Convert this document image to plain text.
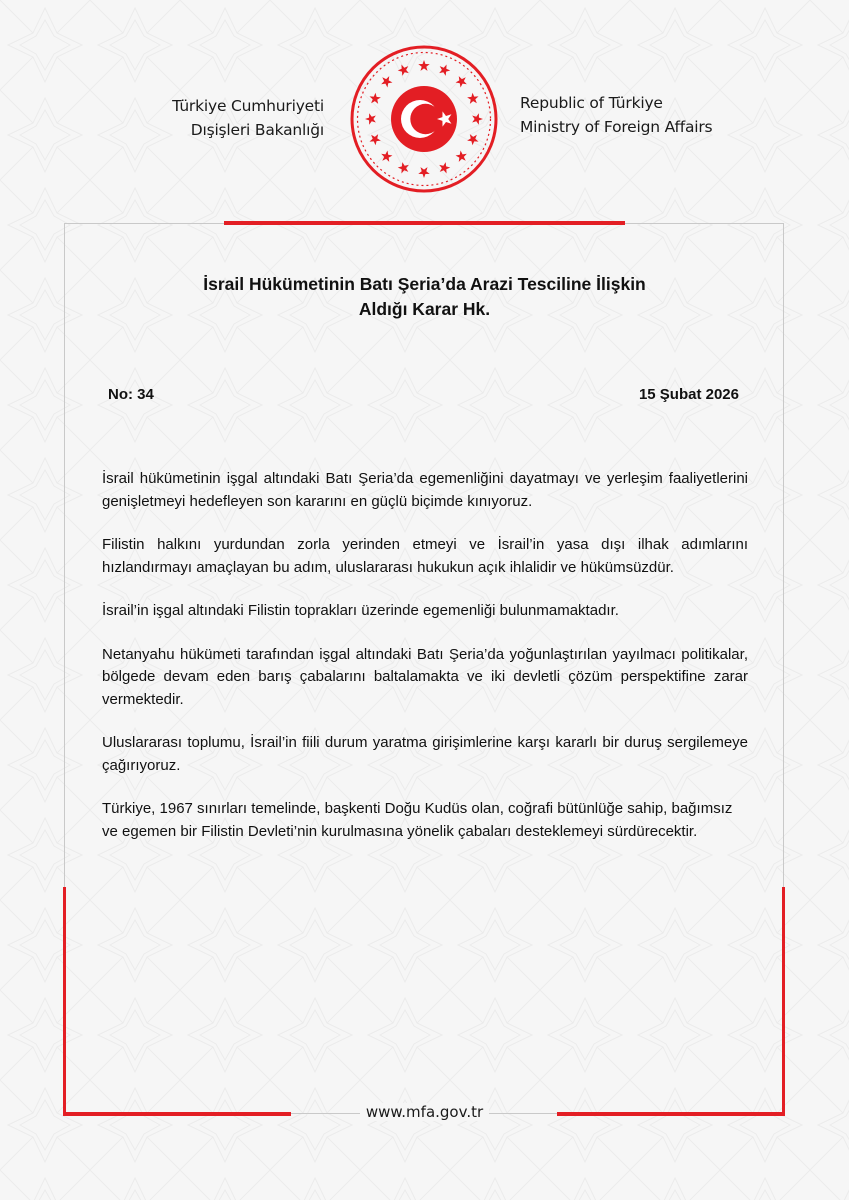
Türkiye Cumhuriyeti
Dışişleri Bakanlığı
Republic of Türkiye
Ministry of Foreign Affairs
İsrail Hükümetinin Batı Şeria’da Arazi Tesciline İlişkin
Aldığı Karar Hk.
No: 34	15 Şubat 2026

İsrail hükümetinin işgal altındaki Batı Şeria’da egemenliğini dayatmayı ve yerleşim faaliyetlerini genişletmeyi hedefleyen son kararını en güçlü biçimde kınıyoruz.

Filistin halkını yurdundan zorla yerinden etmeyi ve İsrail’in yasa dışı ilhak adımlarını hızlandırmayı amaçlayan bu adım, uluslararası hukukun açık ihlalidir ve hükümsüzdür.

İsrail’in işgal altındaki Filistin toprakları üzerinde egemenliği bulunmamaktadır.

Netanyahu hükümeti tarafından işgal altındaki Batı Şeria’da yoğunlaştırılan yayılmacı politikalar, bölgede devam eden barış çabalarını baltalamakta ve iki devletli çözüm perspektifine zarar vermektedir.

Uluslararası toplumu, İsrail’in fiili durum yaratma girişimlerine karşı kararlı bir duruş sergilemeye çağırıyoruz.

Türkiye, 1967 sınırları temelinde, başkenti Doğu Kudüs olan, coğrafi bütünlüğe sahip, bağımsız ve egemen bir Filistin Devleti’nin kurulmasına yönelik çabaları desteklemeyi sürdürecektir.

www.mfa.gov.tr
